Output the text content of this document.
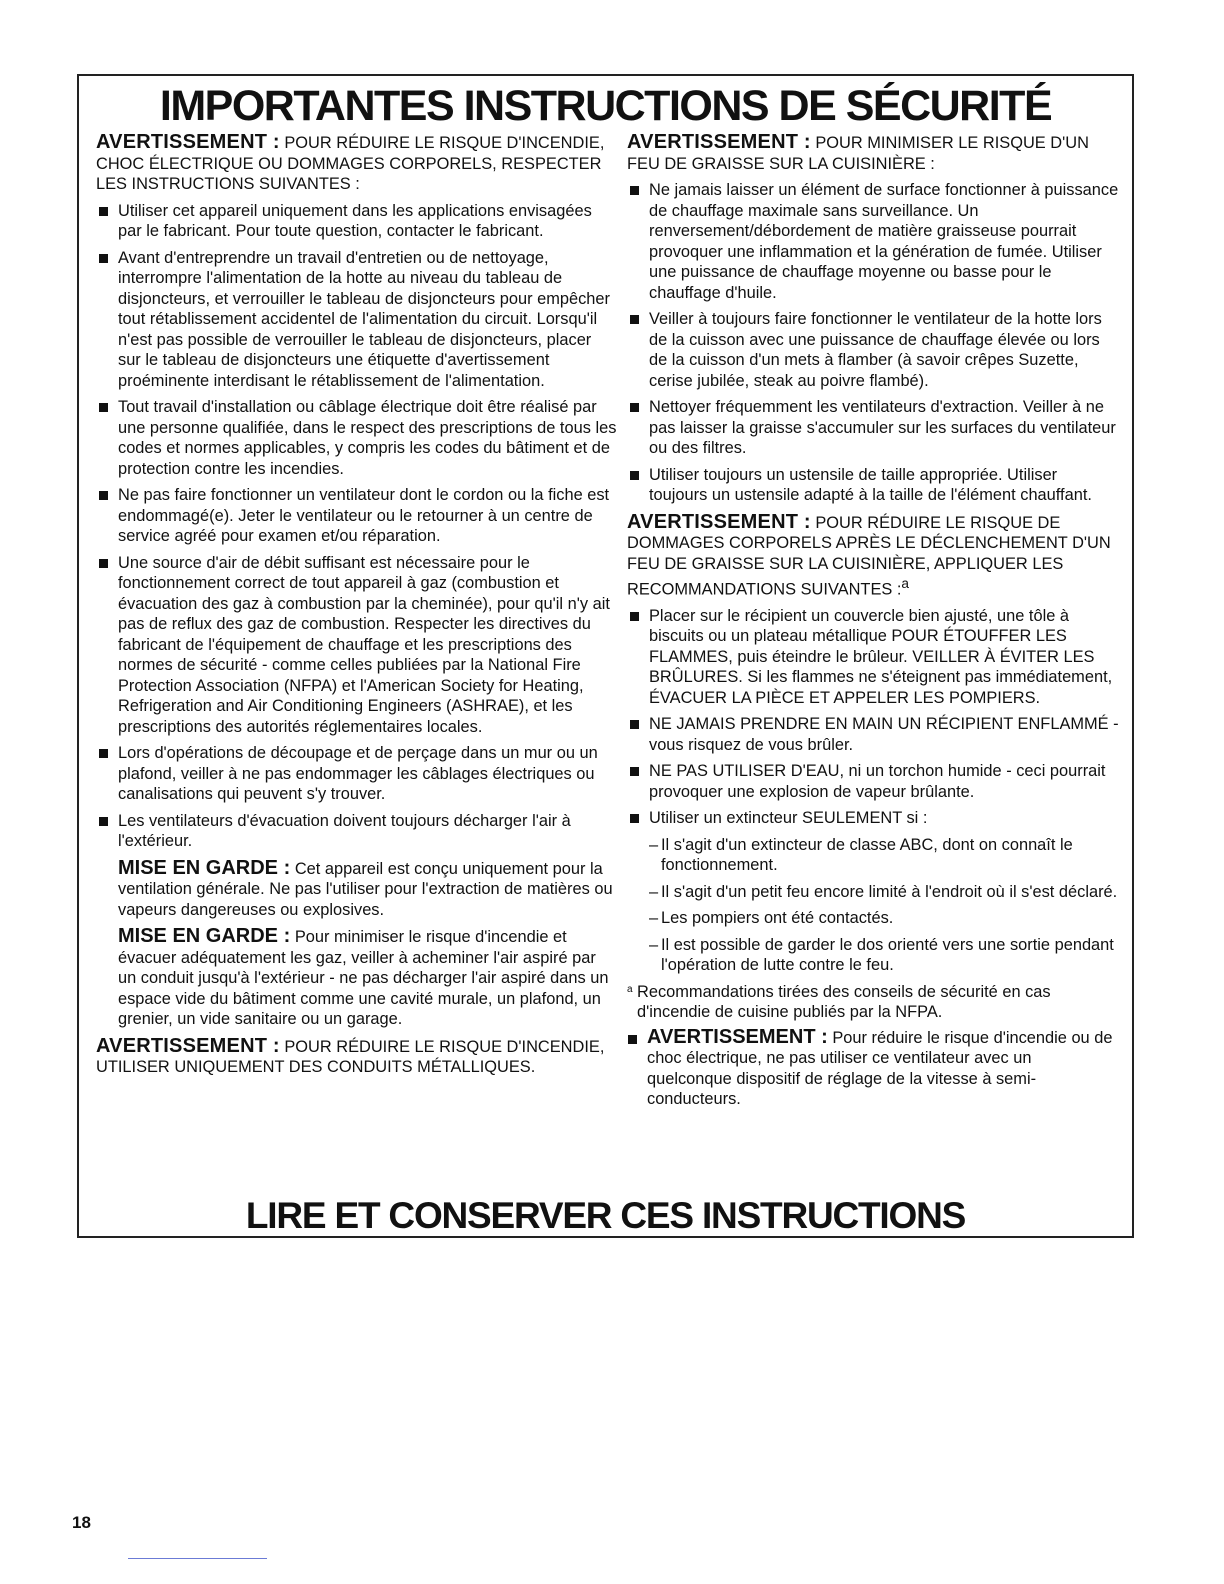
IMPORTANTES INSTRUCTIONS DE SÉCURITÉ

AVERTISSEMENT : POUR RÉDUIRE LE RISQUE D'INCENDIE, CHOC ÉLECTRIQUE OU DOMMAGES CORPORELS, RESPECTER LES INSTRUCTIONS SUIVANTES :

Utiliser cet appareil uniquement dans les applications envisagées par le fabricant. Pour toute question, contacter le fabricant.
Avant d'entreprendre un travail d'entretien ou de nettoyage, interrompre l'alimentation de la hotte au niveau du tableau de disjoncteurs, et verrouiller le tableau de disjoncteurs pour empêcher tout rétablissement accidentel de l'alimentation du circuit. Lorsqu'il n'est pas possible de verrouiller le tableau de disjoncteurs, placer sur le tableau de disjoncteurs une étiquette d'avertissement proéminente interdisant le rétablissement de l'alimentation.
Tout travail d'installation ou câblage électrique doit être réalisé par une personne qualifiée, dans le respect des prescriptions de tous les codes et normes applicables, y compris les codes du bâtiment et de protection contre les incendies.
Ne pas faire fonctionner un ventilateur dont le cordon ou la fiche est endommagé(e). Jeter le ventilateur ou le retourner à un centre de service agréé pour examen et/ou réparation.
Une source d'air de débit suffisant est nécessaire pour le fonctionnement correct de tout appareil à gaz (combustion et évacuation des gaz à combustion par la cheminée), pour qu'il n'y ait pas de reflux des gaz de combustion. Respecter les directives du fabricant de l'équipement de chauffage et les prescriptions des normes de sécurité - comme celles publiées par la National Fire Protection Association (NFPA) et l'American Society for Heating, Refrigeration and Air Conditioning Engineers (ASHRAE), et les prescriptions des autorités réglementaires locales.
Lors d'opérations de découpage et de perçage dans un mur ou un plafond, veiller à ne pas endommager les câblages électriques ou canalisations qui peuvent s'y trouver.
Les ventilateurs d'évacuation doivent toujours décharger l'air à l'extérieur.

MISE EN GARDE : Cet appareil est conçu uniquement pour la ventilation générale. Ne pas l'utiliser pour l'extraction de matières ou vapeurs dangereuses ou explosives.

MISE EN GARDE : Pour minimiser le risque d'incendie et évacuer adéquatement les gaz, veiller à acheminer l'air aspiré par un conduit jusqu'à l'extérieur - ne pas décharger l'air aspiré dans un espace vide du bâtiment comme une cavité murale, un plafond, un grenier, un vide sanitaire ou un garage.

AVERTISSEMENT : POUR RÉDUIRE LE RISQUE D'INCENDIE, UTILISER UNIQUEMENT DES CONDUITS MÉTALLIQUES.

AVERTISSEMENT : POUR MINIMISER LE RISQUE D'UN FEU DE GRAISSE SUR LA CUISINIÈRE :

Ne jamais laisser un élément de surface fonctionner à puissance de chauffage maximale sans surveillance. Un renversement/débordement de matière graisseuse pourrait provoquer une inflammation et la génération de fumée. Utiliser une puissance de chauffage moyenne ou basse pour le chauffage d'huile.
Veiller à toujours faire fonctionner le ventilateur de la hotte lors de la cuisson avec une puissance de chauffage élevée ou lors de la cuisson d'un mets à flamber (à savoir crêpes Suzette, cerise jubilée, steak au poivre flambé).
Nettoyer fréquemment les ventilateurs d'extraction. Veiller à ne pas laisser la graisse s'accumuler sur les surfaces du ventilateur ou des filtres.
Utiliser toujours un ustensile de taille appropriée. Utiliser toujours un ustensile adapté à la taille de l'élément chauffant.

AVERTISSEMENT : POUR RÉDUIRE LE RISQUE DE DOMMAGES CORPORELS APRÈS LE DÉCLENCHEMENT D'UN FEU DE GRAISSE SUR LA CUISINIÈRE, APPLIQUER LES RECOMMANDATIONS SUIVANTES :$^a$

Placer sur le récipient un couvercle bien ajusté, une tôle à biscuits ou un plateau métallique POUR ÉTOUFFER LES FLAMMES, puis éteindre le brûleur. VEILLER À ÉVITER LES BRÛLURES. Si les flammes ne s'éteignent pas immédiatement, ÉVACUER LA PIÈCE ET APPELER LES POMPIERS.
NE JAMAIS PRENDRE EN MAIN UN RÉCIPIENT ENFLAMMÉ - vous risquez de vous brûler.
NE PAS UTILISER D'EAU, ni un torchon humide - ceci pourrait provoquer une explosion de vapeur brûlante.
Utiliser un extincteur SEULEMENT si :
– Il s'agit d'un extincteur de classe ABC, dont on connaît le fonctionnement.
– Il s'agit d'un petit feu encore limité à l'endroit où il s'est déclaré.
– Les pompiers ont été contactés.
– Il est possible de garder le dos orienté vers une sortie pendant l'opération de lutte contre le feu.

a Recommandations tirées des conseils de sécurité en cas d'incendie de cuisine publiés par la NFPA.

AVERTISSEMENT : Pour réduire le risque d'incendie ou de choc électrique, ne pas utiliser ce ventilateur avec un quelconque dispositif de réglage de la vitesse à semi-conducteurs.
LIRE ET CONSERVER CES INSTRUCTIONS
18
